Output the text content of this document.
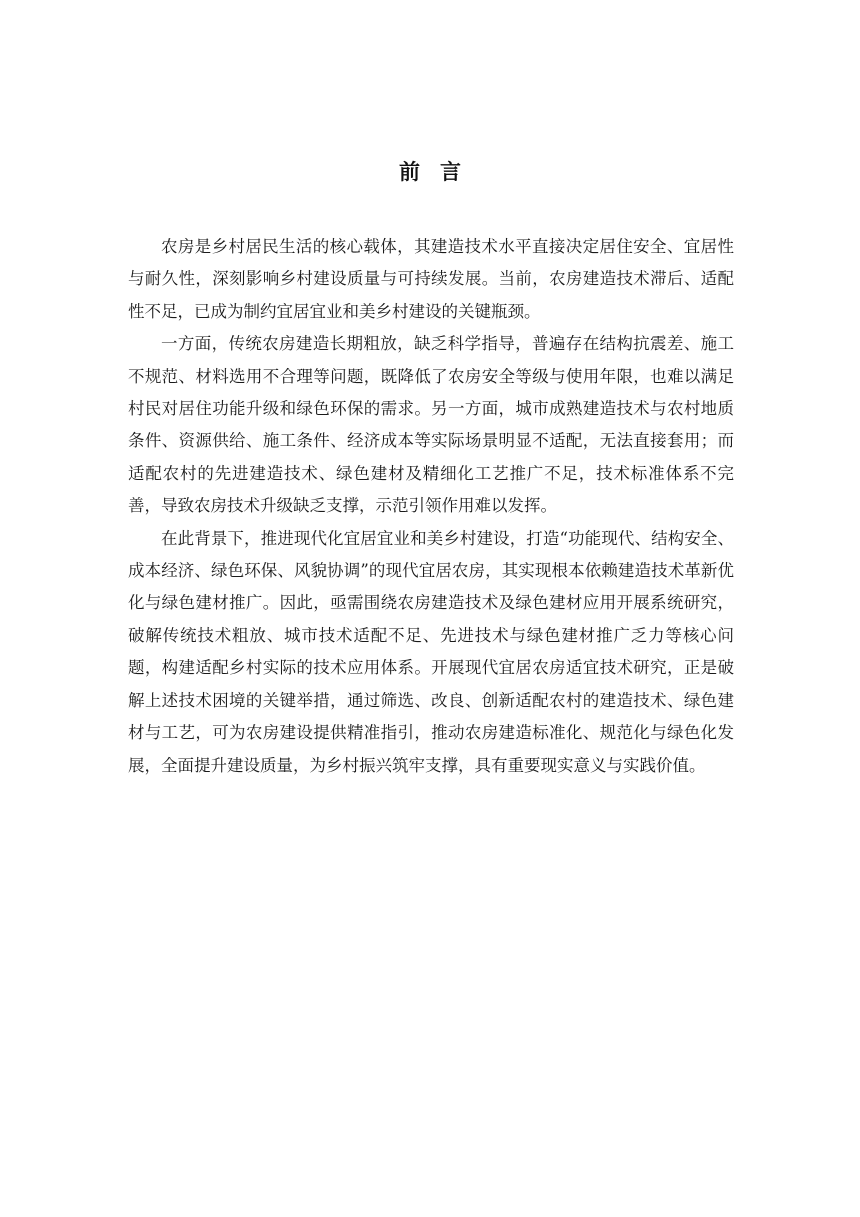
前言

农房是乡村居民生活的核心载体，其建造技术水平直接决定居住安全、宜居性与耐久性，深刻影响乡村建设质量与可持续发展。当前，农房建造技术滞后、适配性不足，已成为制约宜居宜业和美乡村建设的关键瓶颈。

一方面，传统农房建造长期粗放，缺乏科学指导，普遍存在结构抗震差、施工不规范、材料选用不合理等问题，既降低了农房安全等级与使用年限，也难以满足村民对居住功能升级和绿色环保的需求。另一方面，城市成熟建造技术与农村地质条件、资源供给、施工条件、经济成本等实际场景明显不适配，无法直接套用；而适配农村的先进建造技术、绿色建材及精细化工艺推广不足，技术标准体系不完善，导致农房技术升级缺乏支撑，示范引领作用难以发挥。

在此背景下，推进现代化宜居宜业和美乡村建设，打造“功能现代、结构安全、成本经济、绿色环保、风貌协调”的现代宜居农房，其实现根本依赖建造技术革新优化与绿色建材推广。因此，亟需围绕农房建造技术及绿色建材应用开展系统研究，破解传统技术粗放、城市技术适配不足、先进技术与绿色建材推广乏力等核心问题，构建适配乡村实际的技术应用体系。开展现代宜居农房适宜技术研究，正是破解上述技术困境的关键举措，通过筛选、改良、创新适配农村的建造技术、绿色建材与工艺，可为农房建设提供精准指引，推动农房建造标准化、规范化与绿色化发展，全面提升建设质量，为乡村振兴筑牢支撑，具有重要现实意义与实践价值。
